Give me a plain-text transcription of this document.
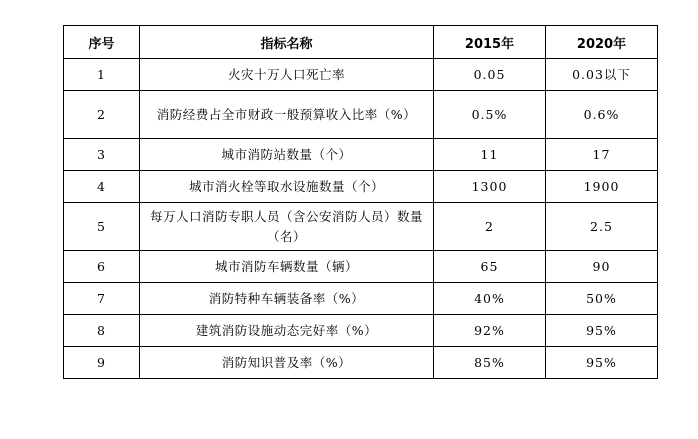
序号	指标名称	2015年	2020年
1	火灾十万人口死亡率	0.05	0.03以下
2	消防经费占全市财政一般预算收入比率（%）	0.5%	0.6%
3	城市消防站数量（个）	11	17
4	城市消火栓等取水设施数量（个）	1300	1900
5	每万人口消防专职人员（含公安消防人员）数量（名）	2	2.5
6	城市消防车辆数量（辆）	65	90
7	消防特种车辆装备率（%）	40%	50%
8	建筑消防设施动态完好率（%）	92%	95%
9	消防知识普及率（%）	85%	95%
